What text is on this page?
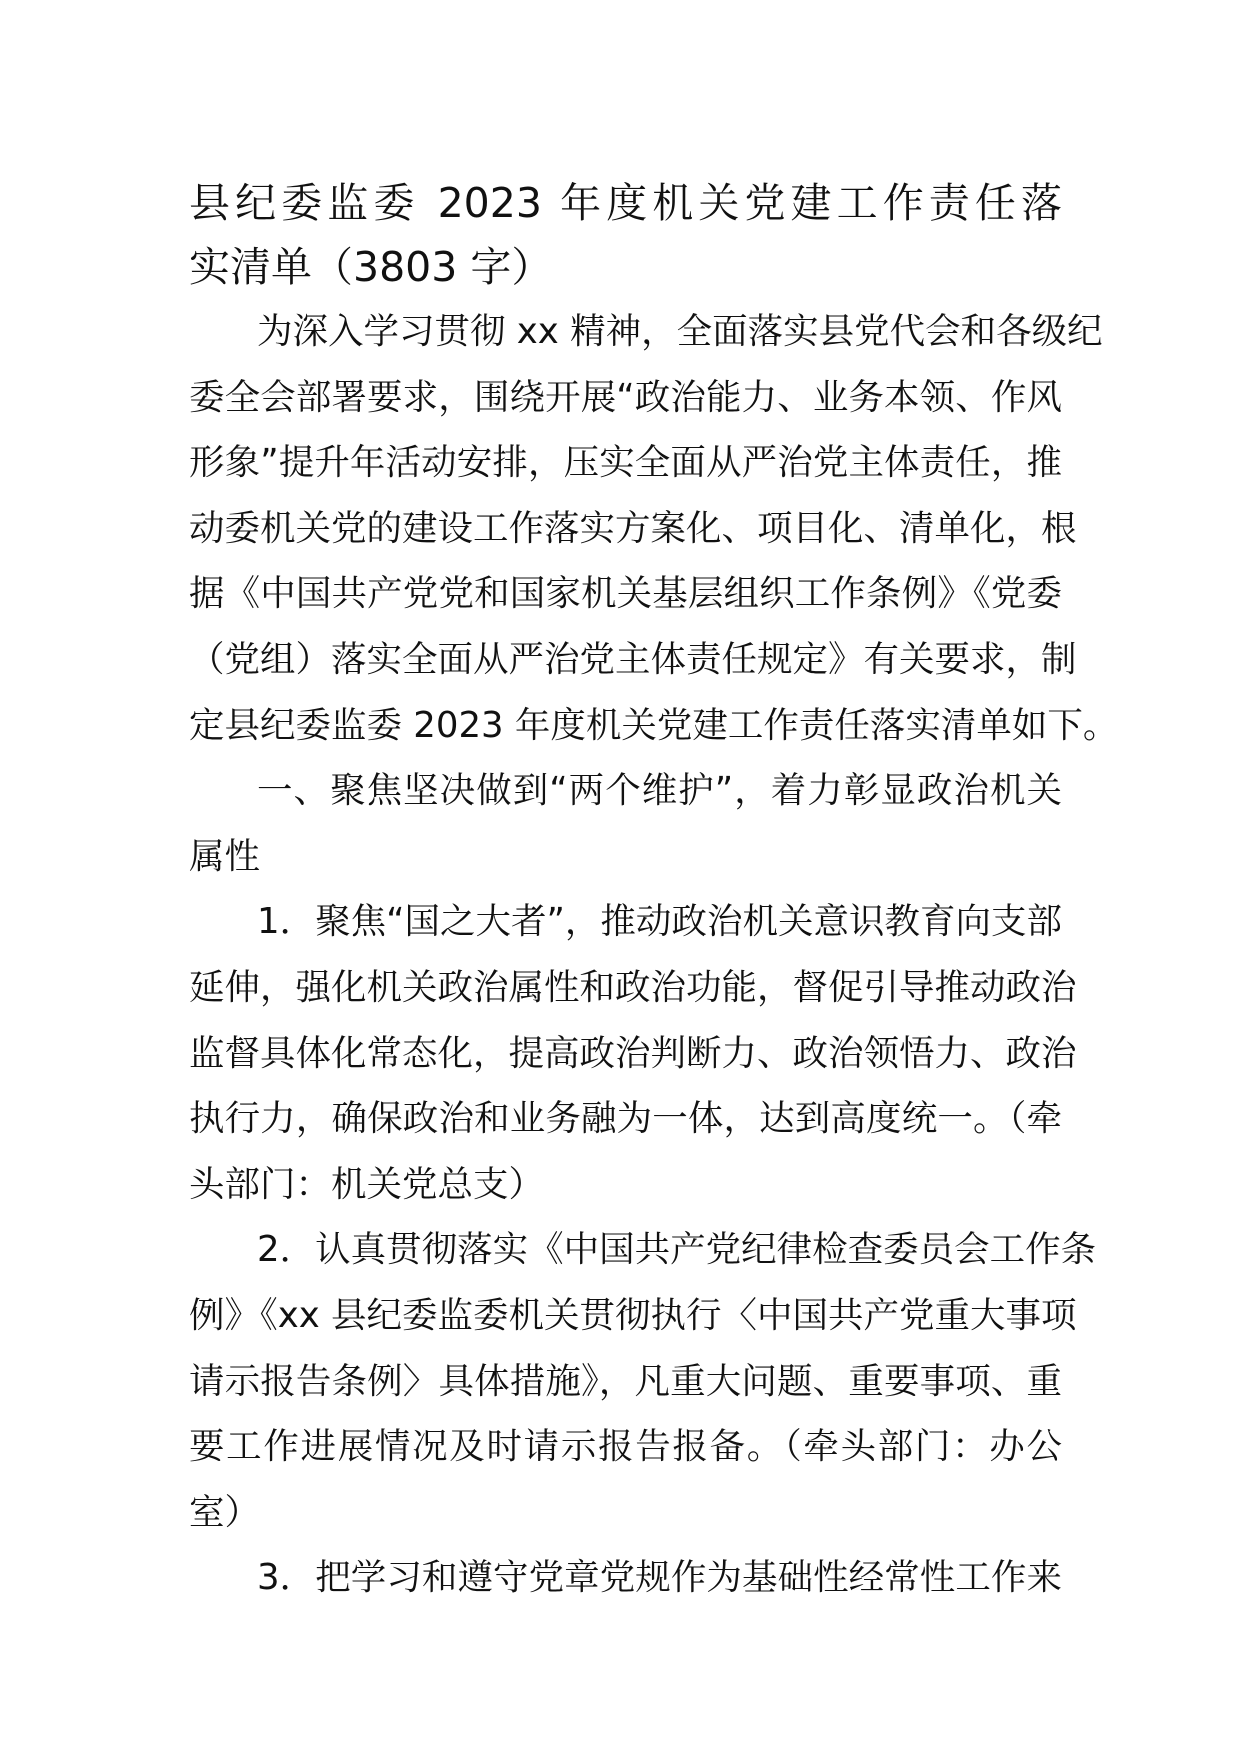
县纪委监委 2023 年度机关党建工作责任落
实清单（3803 字）
为深入学习贯彻 xx 精神，全面落实县党代会和各级纪
委全会部署要求，围绕开展“政治能力、业务本领、作风
形象”提升年活动安排，压实全面从严治党主体责任，推
动委机关党的建设工作落实方案化、项目化、清单化，根
据《中国共产党党和国家机关基层组织工作条例》《党委
（党组）落实全面从严治党主体责任规定》有关要求，制
定县纪委监委 2023 年度机关党建工作责任落实清单如下。
一、聚焦坚决做到“两个维护”，着力彰显政治机关
属性
1．聚焦“国之大者”，推动政治机关意识教育向支部
延伸，强化机关政治属性和政治功能，督促引导推动政治
监督具体化常态化，提高政治判断力、政治领悟力、政治
执行力，确保政治和业务融为一体，达到高度统一。（牵
头部门：机关党总支）
2．认真贯彻落实《中国共产党纪律检查委员会工作条
例》《xx 县纪委监委机关贯彻执行〈中国共产党重大事项
请示报告条例〉具体措施》，凡重大问题、重要事项、重
要工作进展情况及时请示报告报备。（牵头部门：办公
室）
3．把学习和遵守党章党规作为基础性经常性工作来
